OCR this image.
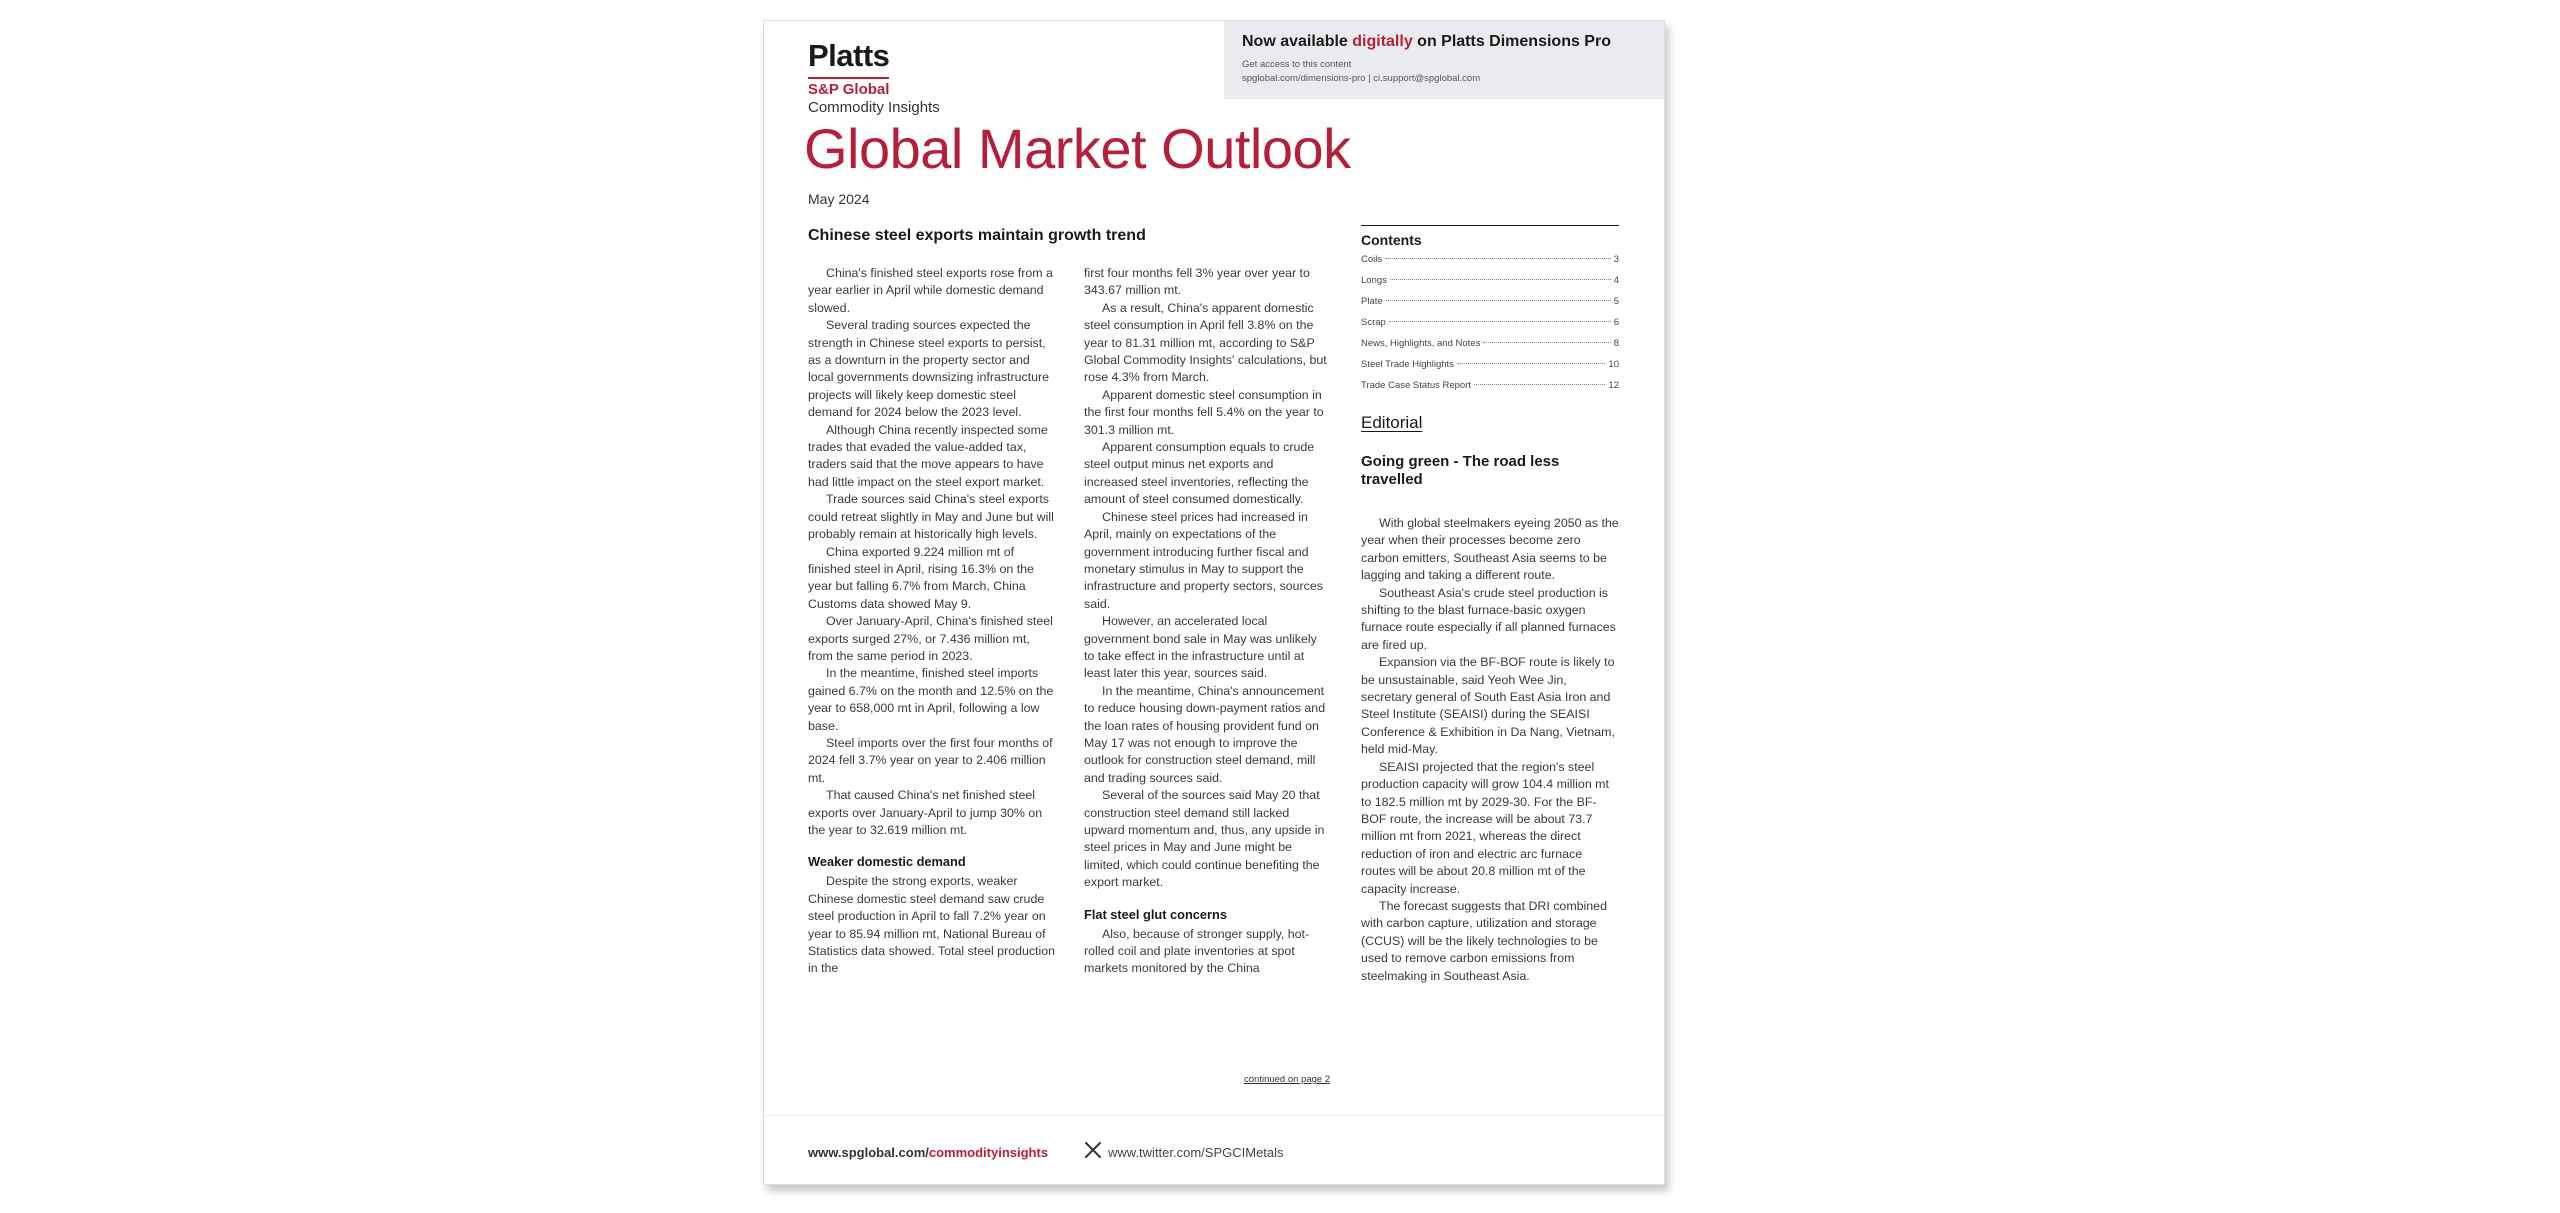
Platts
S&P Global
Commodity Insights
Now available digitally on Platts Dimensions Pro
Get access to this content
spglobal.com/dimensions-pro | ci.support@spglobal.com
Global Market Outlook
May 2024
Chinese steel exports maintain growth trend

China's finished steel exports rose from a year earlier in April while domestic demand slowed.

Several trading sources expected the strength in Chinese steel exports to persist, as a downturn in the property sector and local governments downsizing infrastructure projects will likely keep domestic steel demand for 2024 below the 2023 level.

Although China recently inspected some trades that evaded the value-added tax, traders said that the move appears to have had little impact on the steel export market.

Trade sources said China's steel exports could retreat slightly in May and June but will probably remain at historically high levels.

China exported 9.224 million mt of finished steel in April, rising 16.3% on the year but falling 6.7% from March, China Customs data showed May 9.

Over January-April, China's finished steel exports surged 27%, or 7.436 million mt, from the same period in 2023.

In the meantime, finished steel imports gained 6.7% on the month and 12.5% on the year to 658,000 mt in April, following a low base.

Steel imports over the first four months of 2024 fell 3.7% year on year to 2.406 million mt.

That caused China's net finished steel exports over January-April to jump 30% on the year to 32.619 million mt.

Weaker domestic demand

Despite the strong exports, weaker Chinese domestic steel demand saw crude steel production in April to fall 7.2% year on year to 85.94 million mt, National Bureau of Statistics data showed. Total steel production in the

first four months fell 3% year over year to 343.67 million mt.

As a result, China's apparent domestic steel consumption in April fell 3.8% on the year to 81.31 million mt, according to S&P Global Commodity Insights' calculations, but rose 4.3% from March.

Apparent domestic steel consumption in the first four months fell 5.4% on the year to 301.3 million mt.

Apparent consumption equals to crude steel output minus net exports and increased steel inventories, reflecting the amount of steel consumed domestically.

Chinese steel prices had increased in April, mainly on expectations of the government introducing further fiscal and monetary stimulus in May to support the infrastructure and property sectors, sources said.

However, an accelerated local government bond sale in May was unlikely to take effect in the infrastructure until at least later this year, sources said.

In the meantime, China's announcement to reduce housing down-payment ratios and the loan rates of housing provident fund on May 17 was not enough to improve the outlook for construction steel demand, mill and trading sources said.

Several of the sources said May 20 that construction steel demand still lacked upward momentum and, thus, any upside in steel prices in May and June might be limited, which could continue benefiting the export market.

Flat steel glut concerns

Also, because of stronger supply, hot-rolled coil and plate inventories at spot markets monitored by the China

continued on page 2
Contents
Coils	3
Longs	4
Plate	5
Scrap	6
News, Highlights, and Notes	8
Steel Trade Highlights	10
Trade Case Status Report	12
Editorial
Going green - The road less travelled

With global steelmakers eyeing 2050 as the year when their processes become zero carbon emitters, Southeast Asia seems to be lagging and taking a different route.

Southeast Asia's crude steel production is shifting to the blast furnace-basic oxygen furnace route especially if all planned furnaces are fired up.

Expansion via the BF-BOF route is likely to be unsustainable, said Yeoh Wee Jin, secretary general of South East Asia Iron and Steel Institute (SEAISI) during the SEAISI Conference & Exhibition in Da Nang, Vietnam, held mid-May.

SEAISI projected that the region's steel production capacity will grow 104.4 million mt to 182.5 million mt by 2029-30. For the BF-BOF route, the increase will be about 73.7 million mt from 2021, whereas the direct reduction of iron and electric arc furnace routes will be about 20.8 million mt of the capacity increase.

The forecast suggests that DRI combined with carbon capture, utilization and storage (CCUS) will be the likely technologies to be used to remove carbon emissions from steelmaking in Southeast Asia.

www.spglobal.com/commodityinsights	www.twitter.com/SPGCIMetals
